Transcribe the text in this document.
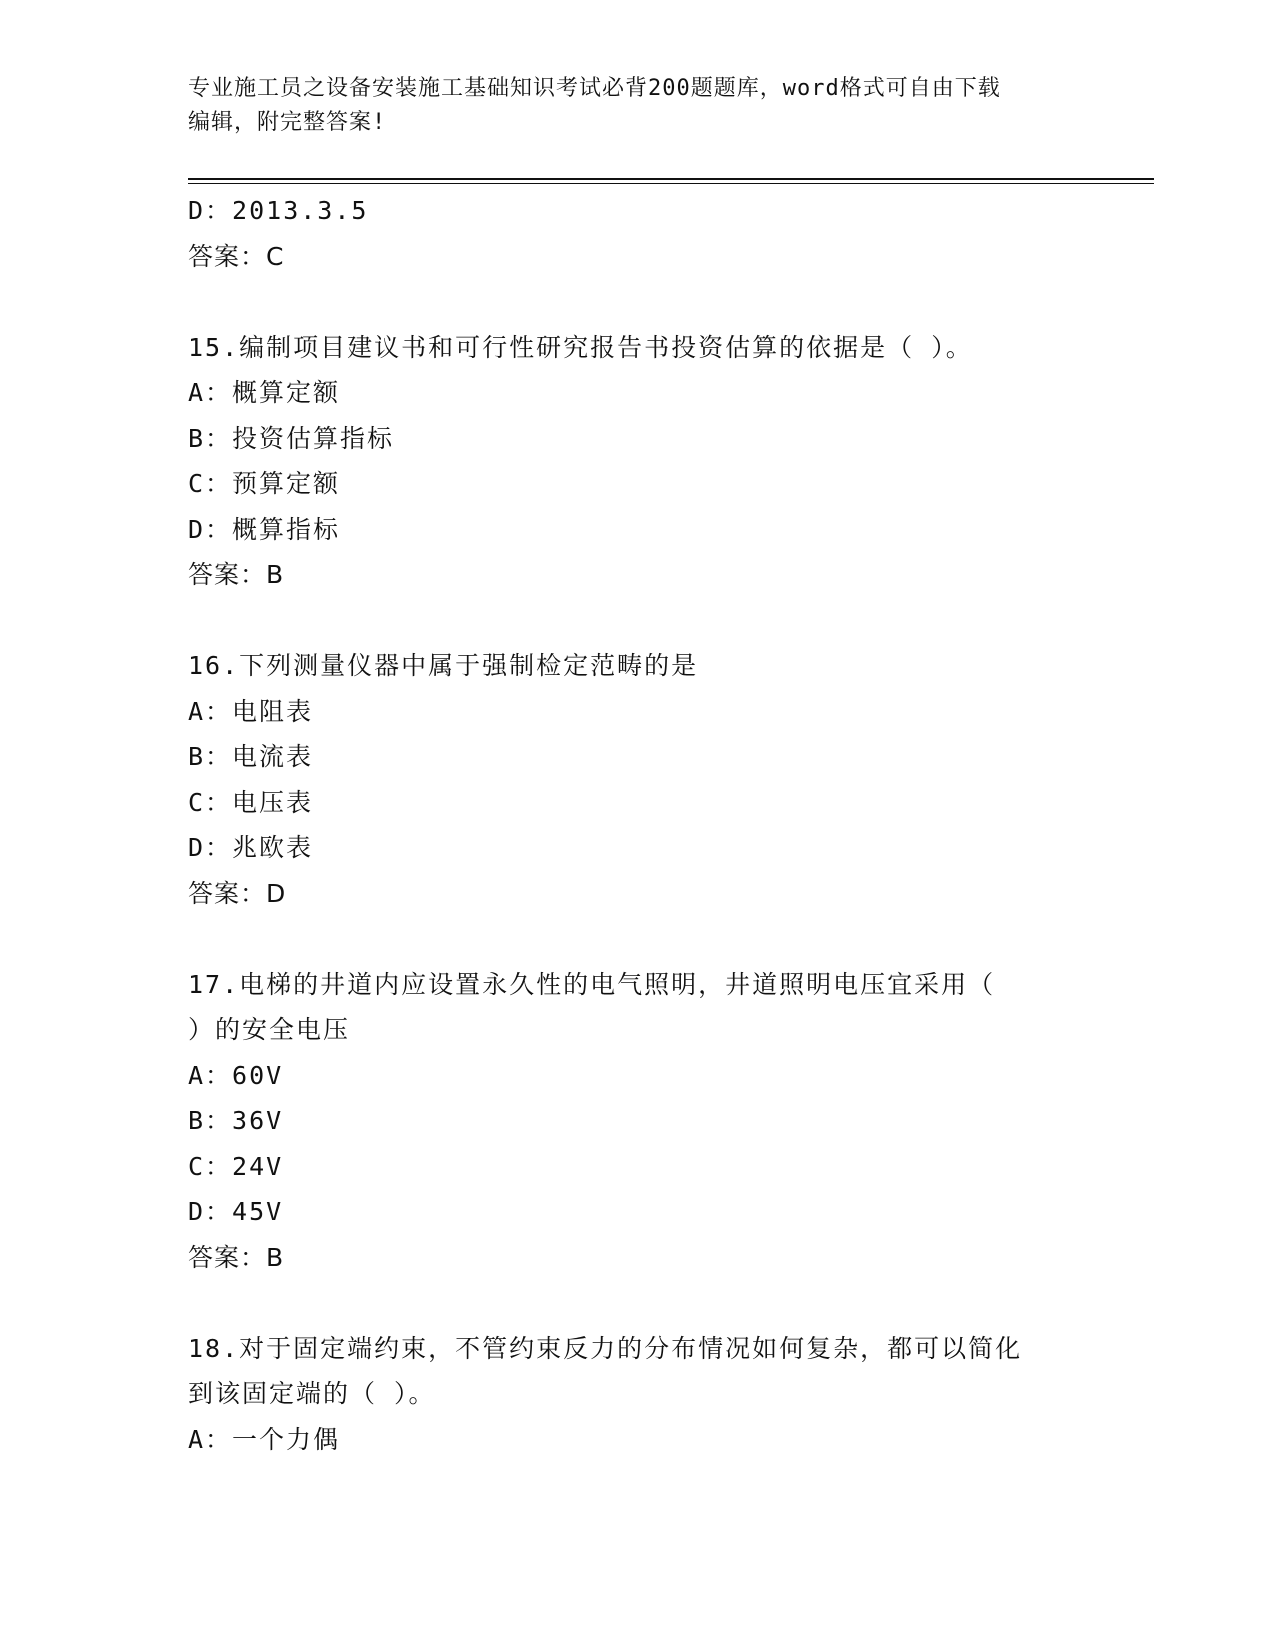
专业施工员之设备安装施工基础知识考试必背200题题库，word格式可自由下载
编辑，附完整答案!
D：2013.3.5
答案：C
15.编制项目建议书和可行性研究报告书投资估算的依据是（ ）。
A：概算定额
B：投资估算指标
C：预算定额
D：概算指标
答案：B
16.下列测量仪器中属于强制检定范畴的是
A：电阻表
B：电流表
C：电压表
D：兆欧表
答案：D
17.电梯的井道内应设置永久性的电气照明，井道照明电压宜采用（
）的安全电压
A：60V
B：36V
C：24V
D：45V
答案：B
18.对于固定端约束，不管约束反力的分布情况如何复杂，都可以简化
到该固定端的（ ）。
A：一个力偶
